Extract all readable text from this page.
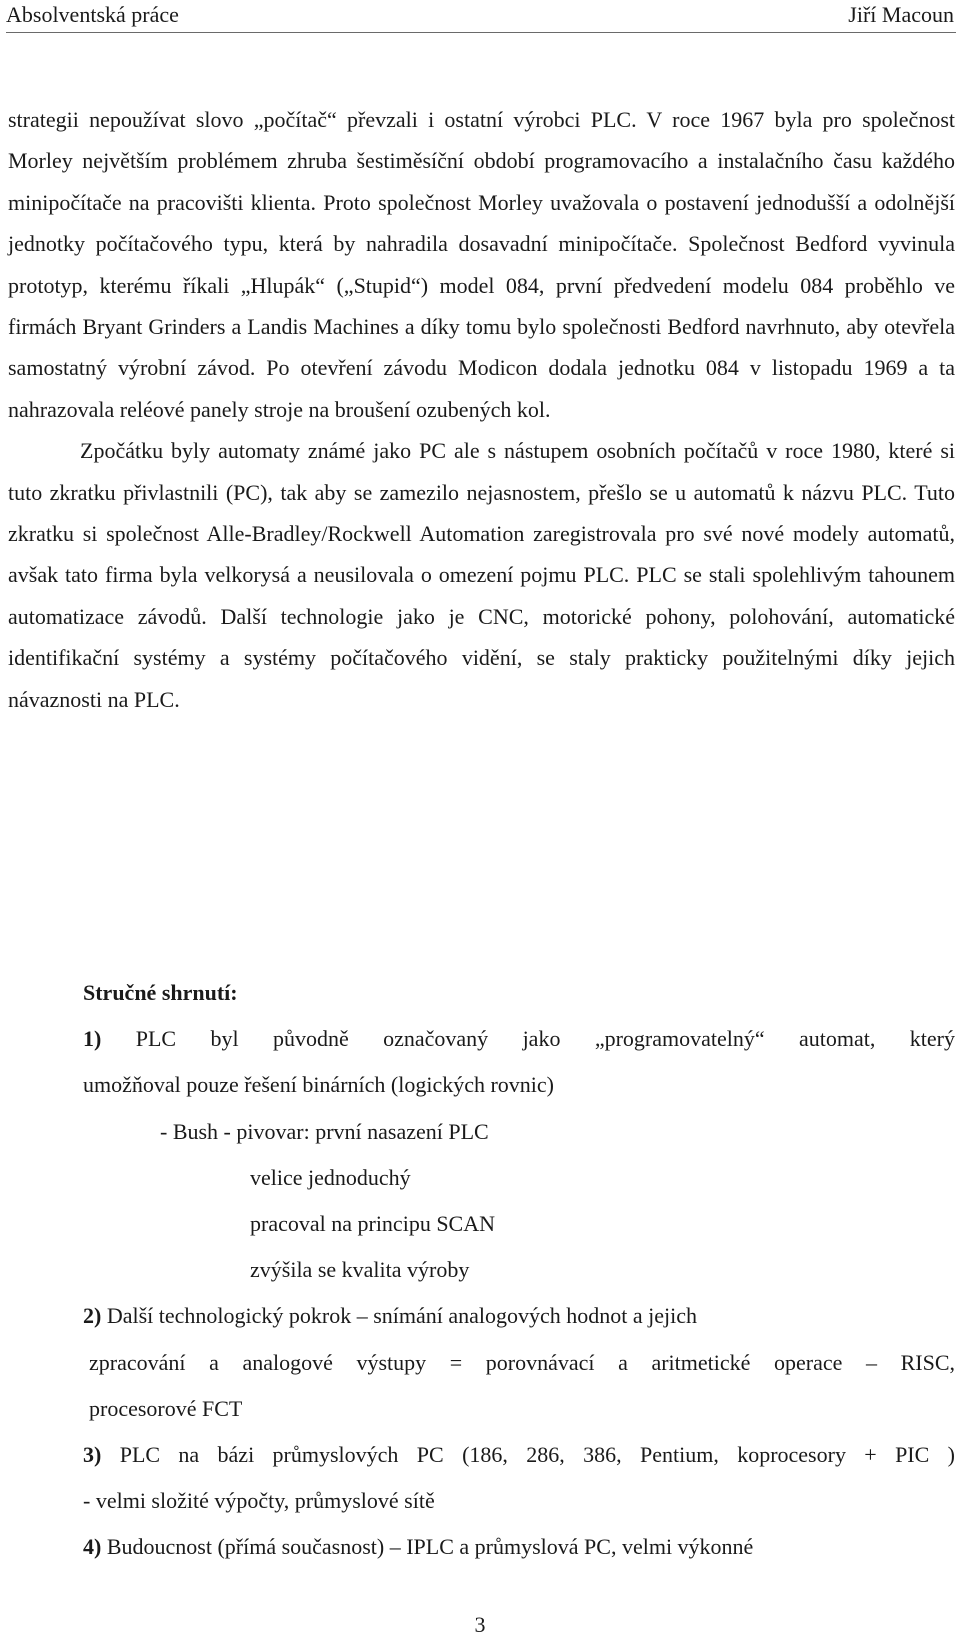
Absolventská práce	Jiří Macoun

strategii nepoužívat slovo „počítač“ převzali i ostatní výrobci PLC. V roce 1967 byla pro společnost Morley největším problémem zhruba šestiměsíční období programovacího a instalačního času každého minipočítače na pracovišti klienta. Proto společnost Morley uvažovala o postavení jednodušší a odolnější jednotky počítačového typu, která by nahradila dosavadní minipočítače. Společnost Bedford vyvinula prototyp, kterému říkali „Hlupák“ („Stupid“) model 084, první předvedení modelu 084 proběhlo ve firmách Bryant Grinders a Landis Machines a díky tomu bylo společnosti Bedford navrhnuto, aby otevřela samostatný výrobní závod. Po otevření závodu Modicon dodala jednotku 084 v listopadu 1969 a ta nahrazovala reléové panely stroje na broušení ozubených kol.

Zpočátku byly automaty známé jako PC ale s nástupem osobních počítačů v roce 1980, které si tuto zkratku přivlastnili (PC), tak aby se zamezilo nejasnostem, přešlo se u automatů k názvu PLC. Tuto zkratku si společnost Alle-Bradley/Rockwell Automation zaregistrovala pro své nové modely automatů, avšak tato firma byla velkorysá a neusilovala o omezení pojmu PLC. PLC se stali spolehlivým tahounem automatizace závodů. Další technologie jako je CNC, motorické pohony, polohování, automatické identifikační systémy a systémy počítačového vidění, se staly prakticky použitelnými díky jejich návaznosti na PLC.

Stručné shrnutí:
1) PLC byl původně označovaný jako „programovatelný“ automat, který
umožňoval pouze řešení binárních (logických rovnic)
- Bush - pivovar: první nasazení PLC
velice jednoduchý
pracoval na principu SCAN
zvýšila se kvalita výroby
2) Další technologický pokrok – snímání analogových hodnot a jejich
zpracování a analogové výstupy = porovnávací a aritmetické operace – RISC,
procesorové FCT
3) PLC na bázi průmyslových PC (186, 286, 386, Pentium, koprocesory + PIC )
- velmi složité výpočty, průmyslové sítě
4) Budoucnost (přímá současnost) – IPLC a průmyslová PC, velmi výkonné
3
